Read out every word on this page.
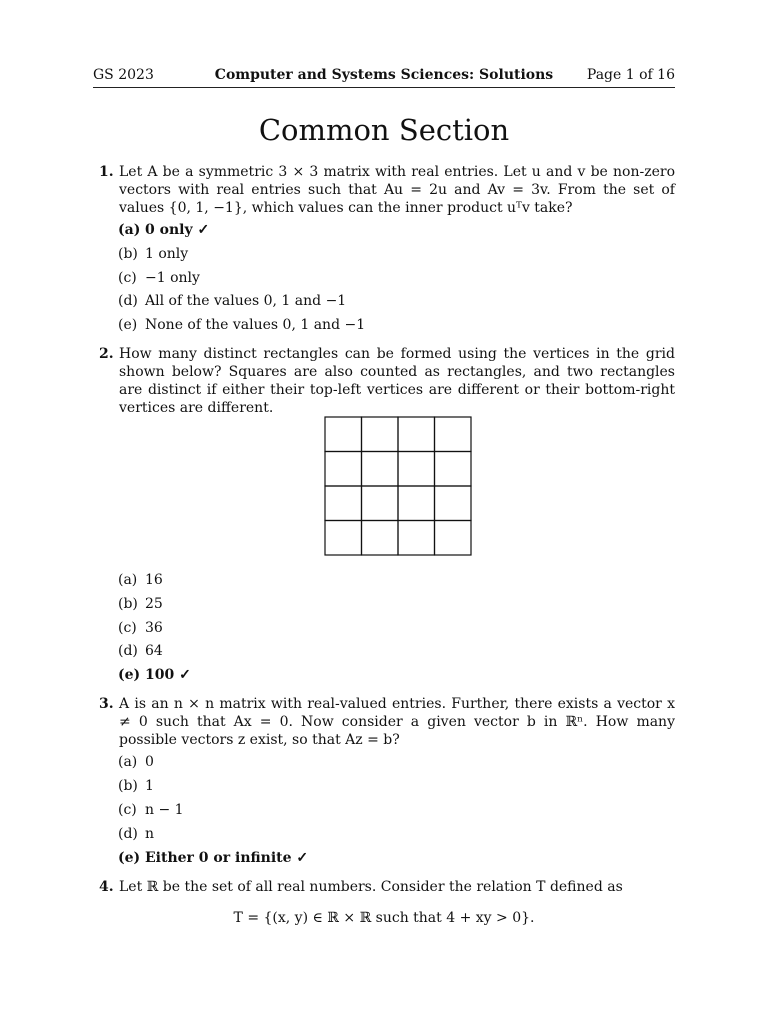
GS 2023	Computer and Systems Sciences: Solutions	Page 1 of 16
Common Section
1. Let A be a symmetric 3 × 3 matrix with real entries. Let u and v be non-zero vectors with real entries such that Au = 2u and Av = 3v. From the set of values {0, 1, −1}, which values can the inner product uᵀv take?
(a) 0 only ✓
(b) 1 only
(c) −1 only
(d) All of the values 0, 1 and −1
(e) None of the values 0, 1 and −1
2. How many distinct rectangles can be formed using the vertices in the grid shown below? Squares are also counted as rectangles, and two rectangles are distinct if either their top-left vertices are different or their bottom-right vertices are different.
(a) 16
(b) 25
(c) 36
(d) 64
(e) 100 ✓
3. A is an n × n matrix with real-valued entries. Further, there exists a vector x ≠ 0 such that Ax = 0. Now consider a given vector b in ℝⁿ. How many possible vectors z exist, so that Az = b?
(a) 0
(b) 1
(c) n − 1
(d) n
(e) Either 0 or infinite ✓
4. Let ℝ be the set of all real numbers. Consider the relation T defined as
T = {(x, y) ∈ ℝ × ℝ such that 4 + xy > 0}.
